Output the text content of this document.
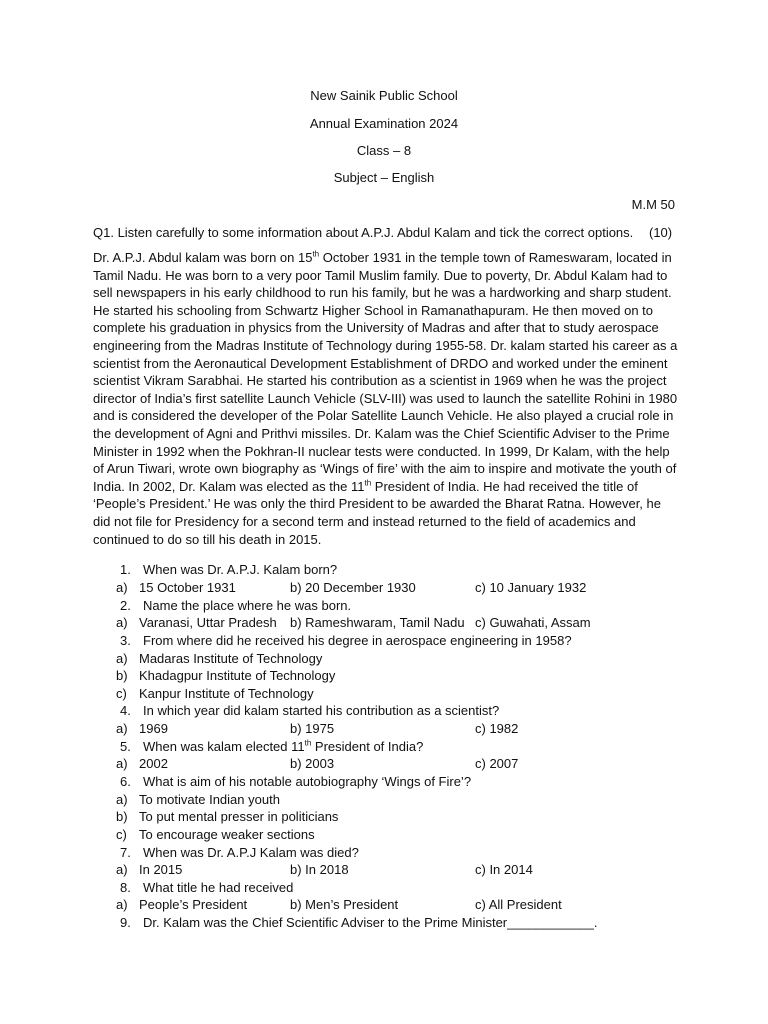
New Sainik Public School
Annual Examination 2024
Class – 8
Subject – English
M.M 50
Q1. Listen carefully to some information about A.P.J. Abdul Kalam and tick the correct options. (10)
Dr. A.P.J. Abdul kalam was born on 15th October 1931 in the temple town of Rameswaram, located in Tamil Nadu. He was born to a very poor Tamil Muslim family. Due to poverty, Dr. Abdul Kalam had to sell newspapers in his early childhood to run his family, but he was a hardworking and sharp student. He started his schooling from Schwartz Higher School in Ramanathapuram. He then moved on to complete his graduation in physics from the University of Madras and after that to study aerospace engineering from the Madras Institute of Technology during 1955-58. Dr. kalam started his career as a scientist from the Aeronautical Development Establishment of DRDO and worked under the eminent scientist Vikram Sarabhai. He started his contribution as a scientist in 1969 when he was the project director of India’s first satellite Launch Vehicle (SLV-III) was used to launch the satellite Rohini in 1980 and is considered the developer of the Polar Satellite Launch Vehicle. He also played a crucial role in the development of Agni and Prithvi missiles. Dr. Kalam was the Chief Scientific Adviser to the Prime Minister in 1992 when the Pokhran-II nuclear tests were conducted. In 1999, Dr Kalam, with the help of Arun Tiwari, wrote own biography as ‘Wings of fire’ with the aim to inspire and motivate the youth of India. In 2002, Dr. Kalam was elected as the 11th President of India. He had received the title of ‘People’s President.’ He was only the third President to be awarded the Bharat Ratna. However, he did not file for Presidency for a second term and instead returned to the field of academics and continued to do so till his death in 2015.
1. When was Dr. A.P.J. Kalam born?
a) 15 October 1931	b) 20 December 1930	c) 10 January 1932
2. Name the place where he was born.
a) Varanasi, Uttar Pradesh b) Rameshwaram, Tamil Nadu c) Guwahati, Assam
3. From where did he received his degree in aerospace engineering in 1958?
a) Madaras Institute of Technology
b) Khadagpur Institute of Technology
c) Kanpur Institute of Technology
4. In which year did kalam started his contribution as a scientist?
a) 1969	b) 1975	c) 1982
5. When was kalam elected 11th President of India?
a) 2002	b) 2003	c) 2007
6. What is aim of his notable autobiography ‘Wings of Fire’?
a) To motivate Indian youth
b) To put mental presser in politicians
c) To encourage weaker sections
7. When was Dr. A.P.J Kalam was died?
a) In 2015	b) In 2018	c) In 2014
8. What title he had received
a) People’s President	b) Men’s President	c) All President
9. Dr. Kalam was the Chief Scientific Adviser to the Prime Minister____________.
